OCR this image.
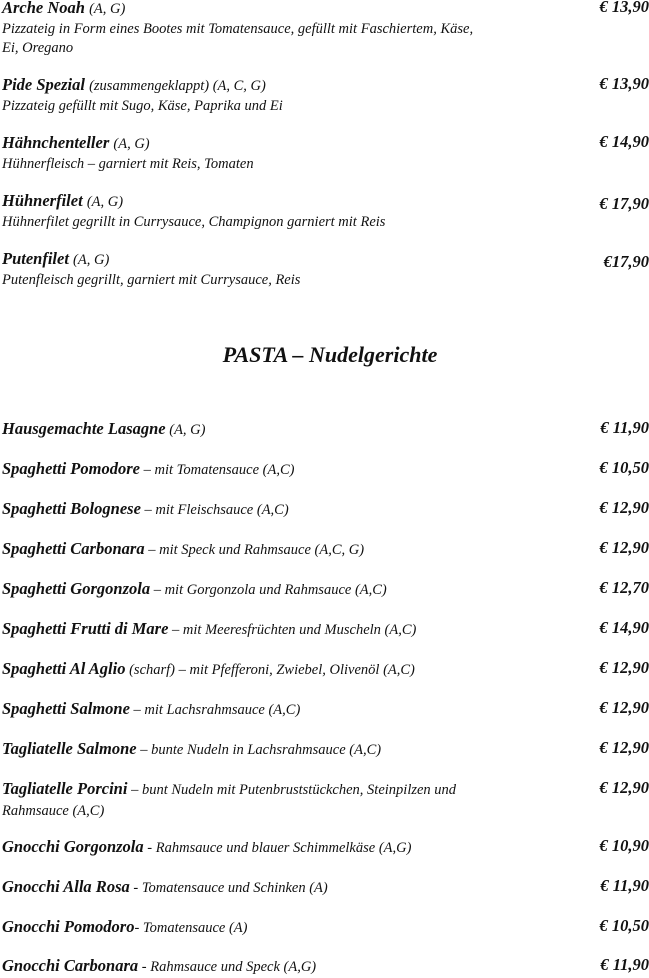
Arche Noah (A, G)
Pizzateig in Form eines Bootes mit Tomatensauce, gefüllt mit Faschiertem, Käse,
Ei, Oregano
€ 13,90
Pide Spezial (zusammengeklappt) (A, C, G)
Pizzateig gefüllt mit Sugo, Käse, Paprika und Ei
€ 13,90
Hähnchenteller (A, G)
Hühnerfleisch – garniert mit Reis, Tomaten
€ 14,90
Hühnerfilet (A, G)
Hühnerfilet gegrillt in Currysauce, Champignon garniert mit Reis
€ 17,90
Putenfilet (A, G)
Putenfleisch gegrillt, garniert mit Currysauce, Reis
€17,90
PASTA – Nudelgerichte
Hausgemachte Lasagne (A, G)	€ 11,90
Spaghetti Pomodore – mit Tomatensauce (A,C)	€ 10,50
Spaghetti Bolognese – mit Fleischsauce (A,C)	€ 12,90
Spaghetti Carbonara – mit Speck und Rahmsauce (A,C, G)	€ 12,90
Spaghetti Gorgonzola – mit Gorgonzola und Rahmsauce (A,C)	€ 12,70
Spaghetti Frutti di Mare – mit Meeresfrüchten und Muscheln (A,C)	€ 14,90
Spaghetti Al Aglio (scharf) – mit Pfefferoni, Zwiebel, Olivenöl (A,C)	€ 12,90
Spaghetti Salmone – mit Lachsrahmsauce (A,C)	€ 12,90
Tagliatelle Salmone – bunte Nudeln in Lachsrahmsauce (A,C)	€ 12,90
Tagliatelle Porcini – bunt Nudeln mit Putenbruststückchen, Steinpilzen und
Rahmsauce (A,C)
€ 12,90
Gnocchi Gorgonzola - Rahmsauce und blauer Schimmelkäse (A,G)	€ 10,90
Gnocchi Alla Rosa - Tomatensauce und Schinken (A)	€ 11,90
Gnocchi Pomodoro- Tomatensauce (A)	€ 10,50
Gnocchi Carbonara - Rahmsauce und Speck (A,G)	€ 11,90
